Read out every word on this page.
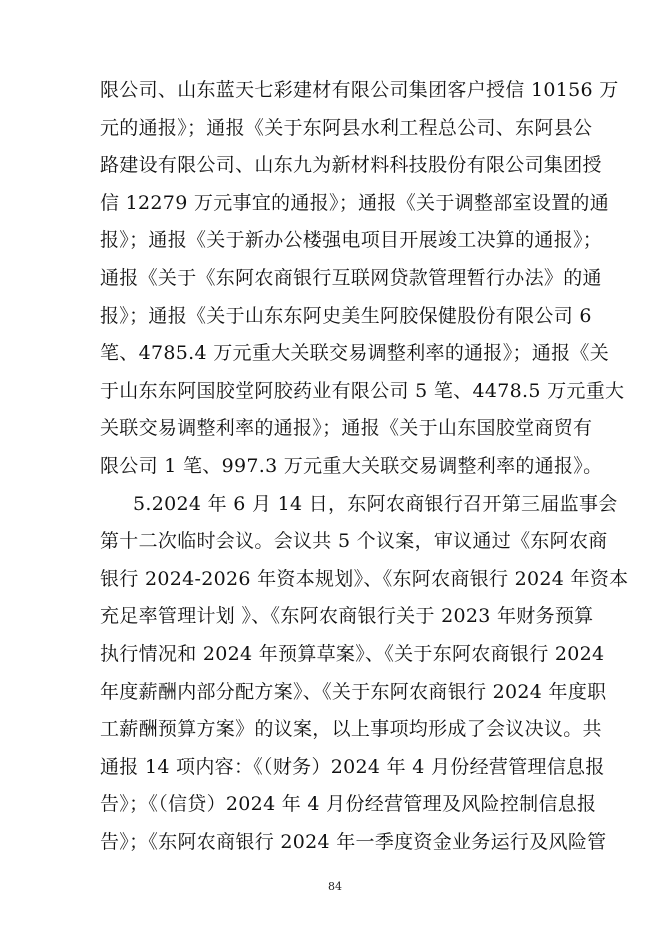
限公司、山东蓝天七彩建材有限公司集团客户授信 10156 万
元的通报》；通报《关于东阿县水利工程总公司、东阿县公
路建设有限公司、山东九为新材料科技股份有限公司集团授
信 12279 万元事宜的通报》；通报《关于调整部室设置的通
报》；通报《关于新办公楼强电项目开展竣工决算的通报》；
通报《关于《东阿农商银行互联网贷款管理暂行办法》的通
报》；通报《关于山东东阿史美生阿胶保健股份有限公司 6
笔、4785.4 万元重大关联交易调整利率的通报》；通报《关
于山东东阿国胶堂阿胶药业有限公司 5 笔、4478.5 万元重大
关联交易调整利率的通报》；通报《关于山东国胶堂商贸有
限公司 1 笔、997.3 万元重大关联交易调整利率的通报》。
5.2024 年 6 月 14 日，东阿农商银行召开第三届监事会
第十二次临时会议。会议共 5 个议案，审议通过《东阿农商
银行 2024-2026 年资本规划》、《东阿农商银行 2024 年资本
充足率管理计划 》、《东阿农商银行关于 2023 年财务预算
执行情况和 2024 年预算草案》、《关于东阿农商银行 2024
年度薪酬内部分配方案》、《关于东阿农商银行 2024 年度职
工薪酬预算方案》的议案，以上事项均形成了会议决议。共
通报 14 项内容：《（财务）2024 年 4 月份经营管理信息报
84
告》；《（信贷）2024 年 4 月份经营管理及风险控制信息报
告》；《东阿农商银行 2024 年一季度资金业务运行及风险管
